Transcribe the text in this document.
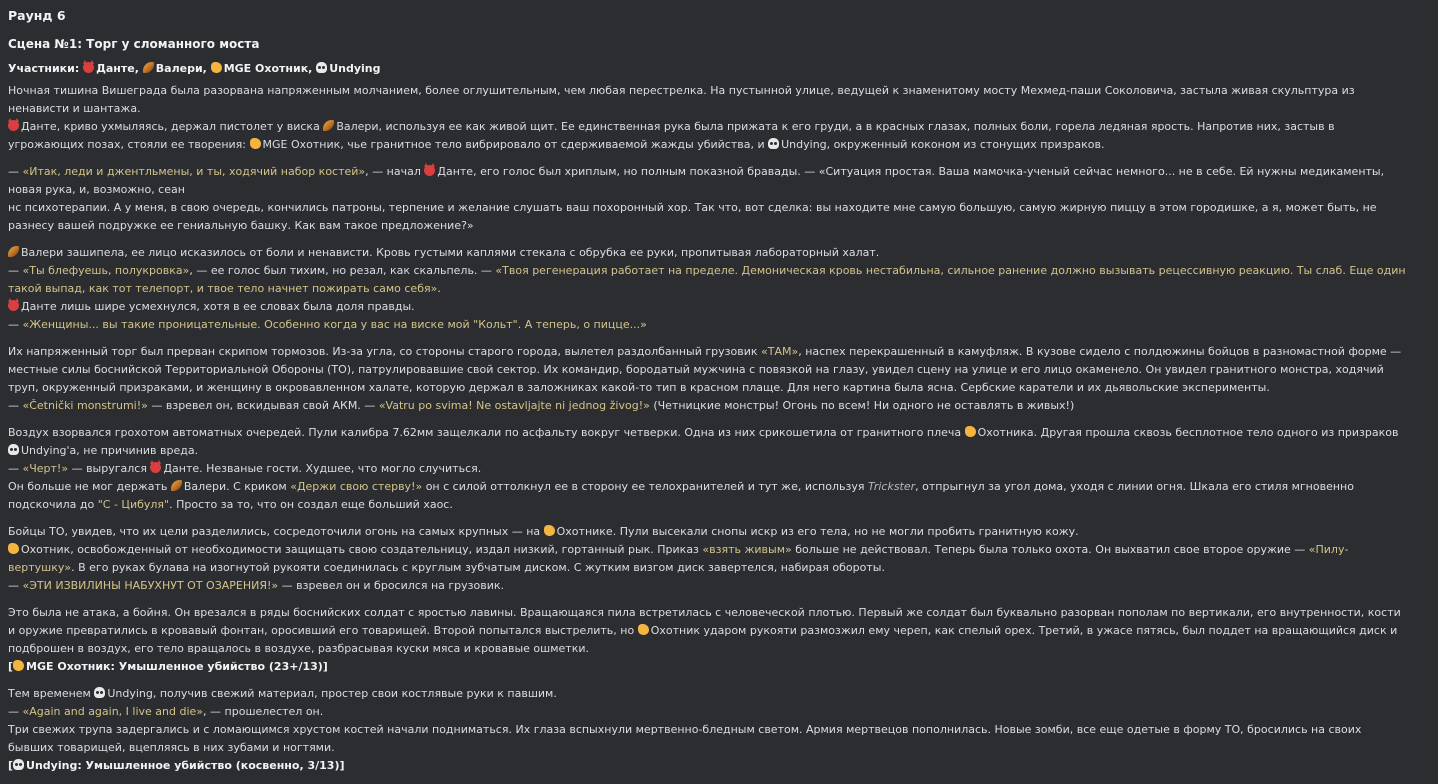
Раунд 6
Сцена №1: Торг у сломанного моста
Участники: Данте, Валери, MGE Охотник, Undying

Ночная тишина Вишеграда была разорвана напряженным молчанием, более оглушительным, чем любая перестрелка. На пустынной улице, ведущей к знаменитому мосту Мехмед-паши Соколовича, застыла живая скульптура из ненависти и шантажа.
Данте, криво ухмыляясь, держал пистолет у виска Валери, используя ее как живой щит. Ее единственная рука была прижата к его груди, а в красных глазах, полных боли, горела ледяная ярость. Напротив них, застыв в угрожающих позах, стояли ее творения: MGE Охотник, чье гранитное тело вибрировало от сдерживаемой жажды убийства, и Undying, окруженный коконом из стонущих призраков.

— «Итак, леди и джентльмены, и ты, ходячий набор костей», — начал Данте, его голос был хриплым, но полным показной бравады. — «Ситуация простая. Ваша мамочка-ученый сейчас немного... не в себе. Ей нужны медикаменты, новая рука, и, возможно, сеан
нс психотерапии. А у меня, в свою очередь, кончились патроны, терпение и желание слушать ваш похоронный хор. Так что, вот сделка: вы находите мне самую большую, самую жирную пиццу в этом городишке, а я, может быть, не разнесу вашей подружке ее гениальную башку. Как вам такое предложение?»

Валери зашипела, ее лицо исказилось от боли и ненависти. Кровь густыми каплями стекала с обрубка ее руки, пропитывая лабораторный халат.
— «Ты блефуешь, полукровка», — ее голос был тихим, но резал, как скальпель. — «Твоя регенерация работает на пределе. Демоническая кровь нестабильна, сильное ранение должно вызывать рецессивную реакцию. Ты слаб. Еще один такой выпад, как тот телепорт, и твое тело начнет пожирать само себя».
Данте лишь шире усмехнулся, хотя в ее словах была доля правды.
— «Женщины... вы такие проницательные. Особенно когда у вас на виске мой "Кольт". А теперь, о пицце...»

Их напряженный торг был прерван скрипом тормозов. Из-за угла, со стороны старого города, вылетел раздолбанный грузовик «ТАМ», наспех перекрашенный в камуфляж. В кузове сидело с полдюжины бойцов в разномастной форме — местные силы боснийской Территориальной Обороны (ТО), патрулировавшие свой сектор. Их командир, бородатый мужчина с повязкой на глазу, увидел сцену на улице и его лицо окаменело. Он увидел гранитного монстра, ходячий труп, окруженный призраками, и женщину в окровавленном халате, которую держал в заложниках какой-то тип в красном плаще. Для него картина была ясна. Сербские каратели и их дьявольские эксперименты.
— «Četnički monstrumi!» — взревел он, вскидывая свой АКМ. — «Vatru po svima! Ne ostavljajte ni jednog živog!» (Четницкие монстры! Огонь по всем! Ни одного не оставлять в живых!)

Воздух взорвался грохотом автоматных очередей. Пули калибра 7.62мм защелкали по асфальту вокруг четверки. Одна из них срикошетила от гранитного плеча Охотника. Другая прошла сквозь бесплотное тело одного из призраков Undying'а, не причинив вреда.
— «Черт!» — выругался Данте. Незваные гости. Худшее, что могло случиться.
Он больше не мог держать Валери. С криком «Держи свою стерву!» он с силой оттолкнул ее в сторону ее телохранителей и тут же, используя Trickster, отпрыгнул за угол дома, уходя с линии огня. Шкала его стиля мгновенно подскочила до "C - Цибуля". Просто за то, что он создал еще больший хаос.

Бойцы ТО, увидев, что их цели разделились, сосредоточили огонь на самых крупных — на Охотнике. Пули высекали снопы искр из его тела, но не могли пробить гранитную кожу.
Охотник, освобожденный от необходимости защищать свою создательницу, издал низкий, гортанный рык. Приказ «взять живым» больше не действовал. Теперь была только охота. Он выхватил свое второе оружие — «Пилу-вертушку». В его руках булава на изогнутой рукояти соединилась с круглым зубчатым диском. С жутким визгом диск завертелся, набирая обороты.
— «ЭТИ ИЗВИЛИНЫ НАБУХНУТ ОТ ОЗАРЕНИЯ!» — взревел он и бросился на грузовик.

Это была не атака, а бойня. Он врезался в ряды боснийских солдат с яростью лавины. Вращающаяся пила встретилась с человеческой плотью. Первый же солдат был буквально разорван пополам по вертикали, его внутренности, кости и оружие превратились в кровавый фонтан, оросивший его товарищей. Второй попытался выстрелить, но Охотник ударом рукояти размозжил ему череп, как спелый орех. Третий, в ужасе пятясь, был поддет на вращающийся диск и подброшен в воздух, его тело вращалось в воздухе, разбрасывая куски мяса и кровавые ошметки.
[ MGE Охотник: Умышленное убийство (23+/13)]

Тем временем Undying, получив свежий материал, простер свои костлявые руки к павшим.
— «Again and again, I live and die», — прошелестел он.
Три свежих трупа задергались и с ломающимся хрустом костей начали подниматься. Их глаза вспыхнули мертвенно-бледным светом. Армия мертвецов пополнилась. Новые зомби, все еще одетые в форму ТО, бросились на своих бывших товарищей, вцепляясь в них зубами и ногтями.
[ Undying: Умышленное убийство (косвенно, 3/13)]
